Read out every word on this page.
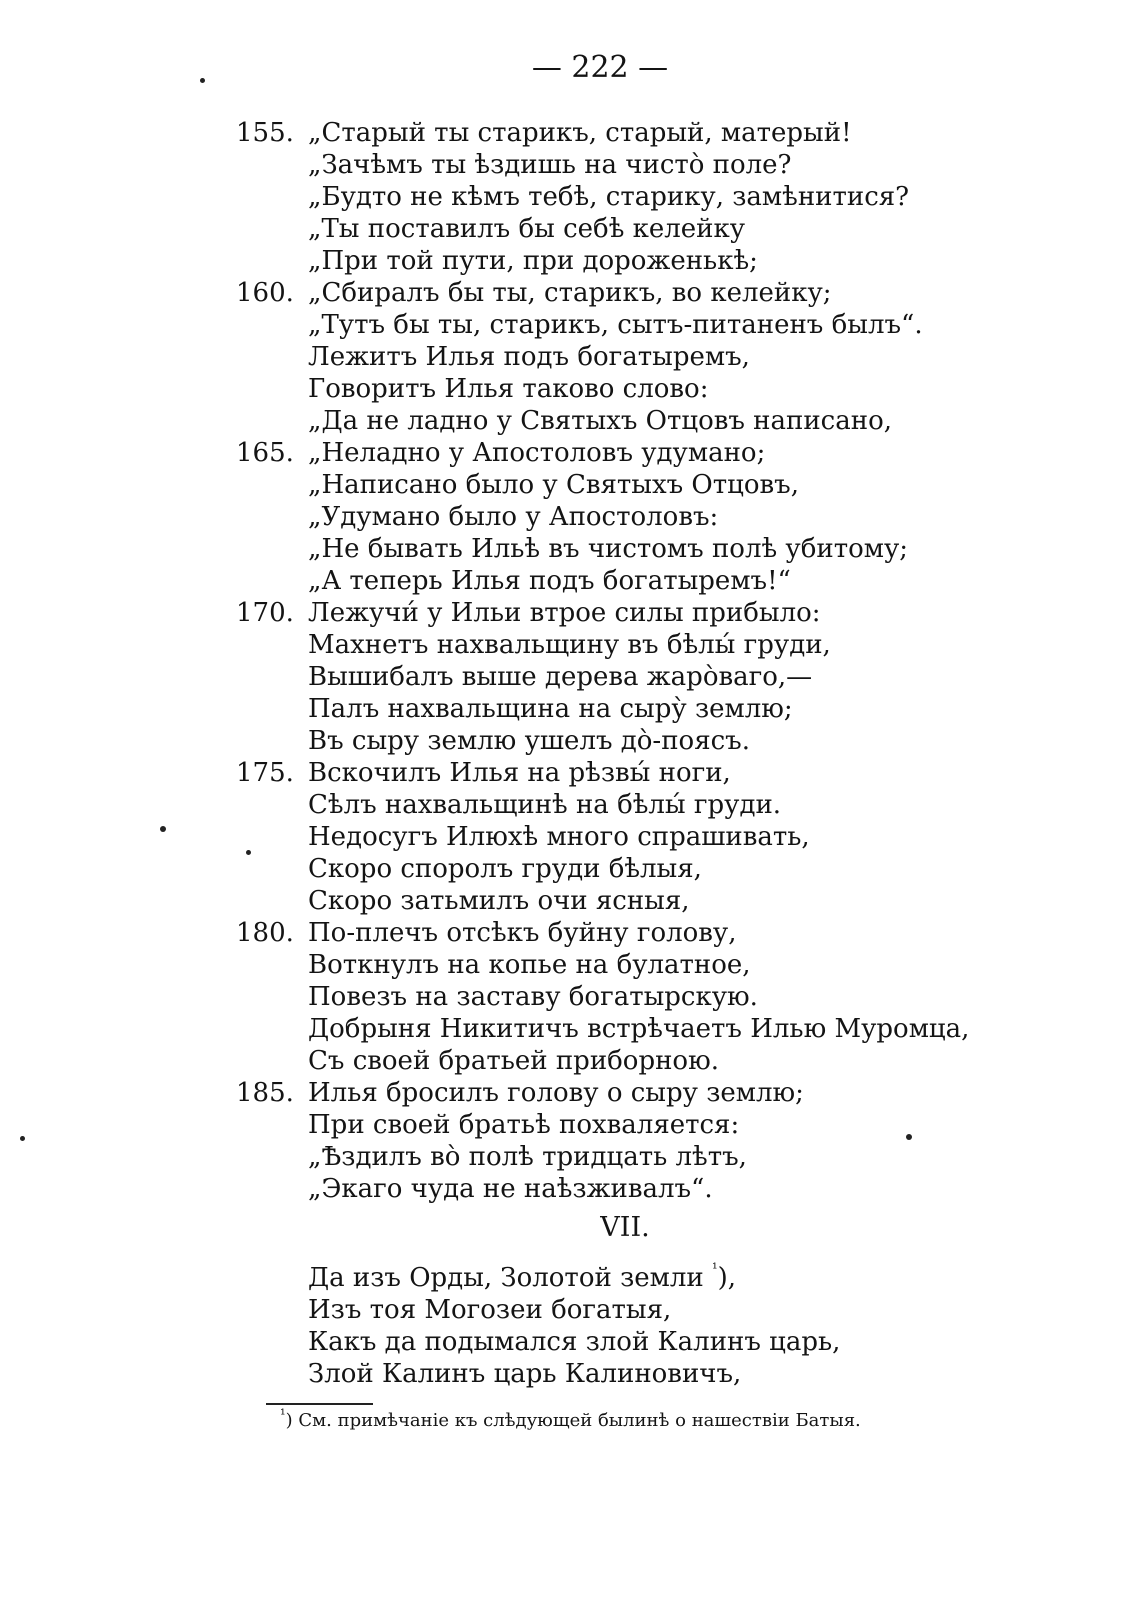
— 222 —
155. „Старый ты старикъ, старый, матерый!
„Зачѣмъ ты ѣздишь на чисто̀ поле?
„Будто не кѣмъ тебѣ, старику, замѣнитися?
„Ты поставилъ бы себѣ келейку
„При той пути, при дороженькѣ;
160. „Сбиралъ бы ты, старикъ, во келейку;
„Тутъ бы ты, старикъ, сытъ-питаненъ былъ“.
Лежитъ Илья подъ богатыремъ,
Говоритъ Илья таково слово:
„Да не ладно у Святыхъ Отцовъ написано,
165. „Неладно у Апостоловъ удумано;
„Написано было у Святыхъ Отцовъ,
„Удумано было у Апостоловъ:
„Не бывать Ильѣ въ чистомъ полѣ убитому;
„А теперь Илья подъ богатыремъ!“
170. Лежучи́ у Ильи втрое силы прибыло:
Махнетъ нахвальщину въ бѣлы́ груди,
Вышибалъ выше дерева жаро̀ваго,—
Палъ нахвальщина на сыру̀ землю;
Въ сыру землю ушелъ до̀-поясъ.
175. Вскочилъ Илья на рѣзвы́ ноги,
Сѣлъ нахвальщинѣ на бѣлы́ груди.
Недосугъ Илюхѣ много спрашивать,
Скоро споролъ груди бѣлыя,
Скоро затьмилъ очи ясныя,
180. По-плечъ отсѣкъ буйну голову,
Воткнулъ на копье на булатное,
Повезъ на заставу богатырскую.
Добрыня Никитичъ встрѣчаетъ Илью Муромца,
Съ своей братьей приборною.
185. Илья бросилъ голову о сыру землю;
При своей братьѣ похваляется:
„Ѣздилъ во̀ полѣ тридцать лѣтъ,
„Экаго чуда не наѣзживалъ“.
VII.
Да изъ Орды, Золотой земли $^{^1}$),
Изъ тоя Могозеи богатыя,
Какъ да подымался злой Калинъ царь,
Злой Калинъ царь Калиновичъ,
$^{^1}$) См. примѣчаніе къ слѣдующей былинѣ о нашествіи Батыя.
